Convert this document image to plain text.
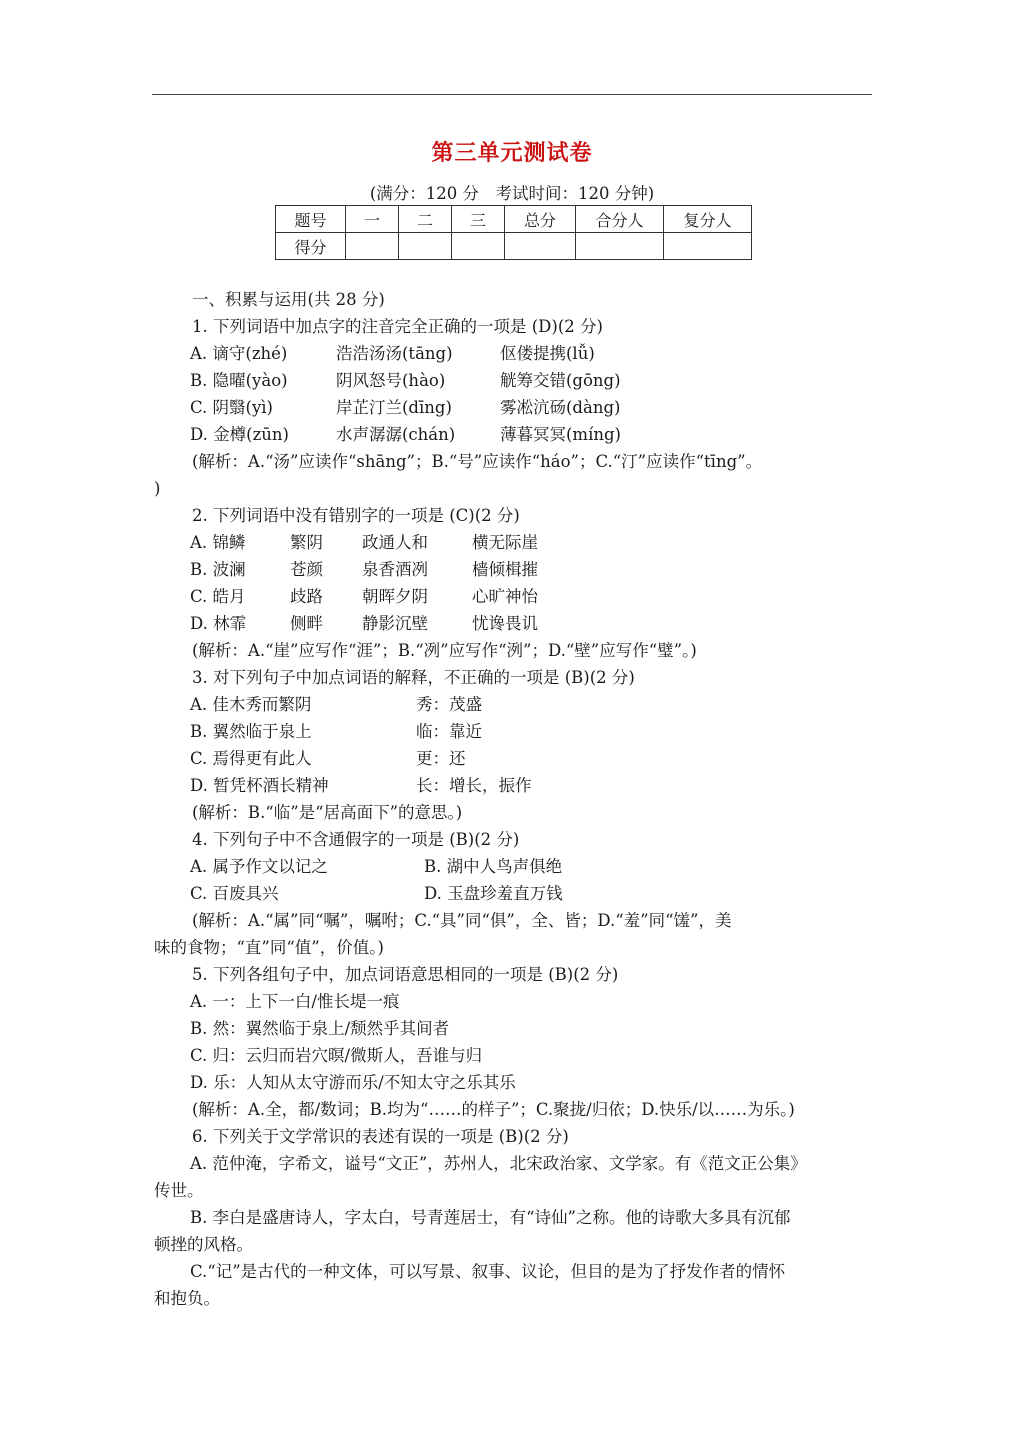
第三单元测试卷
(满分：120 分　考试时间：120 分钟)
题号	一	二	三	总分	合分人	复分人
得分						
一、积累与运用(共 28 分)
1. 下列词语中加点字的注音完全正确的一项是 (D)(2 分)
A. 谪守(zhé)	浩浩汤汤(tāng)	伛偻提携(lǚ)
B. 隐曜(yào)	阴风怒号(hào)	觥筹交错(gōng)
C. 阴翳(yì)	岸芷汀兰(dīng)	雾凇沆砀(dàng)
D. 金樽(zūn)	水声潺潺(chán)	薄暮冥冥(míng)
(解析：A.“汤”应读作“shāng”；B.“号”应读作“háo”；C.“汀”应读作“tīng”。
)
2. 下列词语中没有错别字的一项是 (C)(2 分)
A. 锦鳞	繁阴 政通人和	横无际崖
B. 波澜	苍颜 泉香酒冽	樯倾楫摧
C. 皓月	歧路 朝晖夕阴	心旷神怡
D. 林霏	侧畔 静影沉壁	忧谗畏讥
(解析：A.“崖”应写作“涯”；B.“冽”应写作“洌”；D.“壁”应写作“璧”。)
3. 对下列句子中加点词语的解释，不正确的一项是 (B)(2 分)
A. 佳木秀而繁阴	秀：茂盛
B. 翼然临于泉上	临：靠近
C. 焉得更有此人	更：还
D. 暂凭杯酒长精神	长：增长，振作
(解析：B.“临”是“居高面下”的意思。)
4. 下列句子中不含通假字的一项是 (B)(2 分)
A. 属予作文以记之	B. 湖中人鸟声俱绝
C. 百废具兴	D. 玉盘珍羞直万钱
(解析：A.“属”同“嘱”，嘱咐；C.“具”同“俱”，全、皆；D.“羞”同“馐”，美
味的食物；“直”同“值”，价值。)
5. 下列各组句子中，加点词语意思相同的一项是 (B)(2 分)
A. 一：上下一白/惟长堤一痕
B. 然：翼然临于泉上/颓然乎其间者
C. 归：云归而岩穴暝/微斯人，吾谁与归
D. 乐：人知从太守游而乐/不知太守之乐其乐
(解析：A.全，都/数词；B.均为“……的样子”；C.聚拢/归依；D.快乐/以……为乐。)
6. 下列关于文学常识的表述有误的一项是 (B)(2 分)
A. 范仲淹，字希文，谥号“文正”，苏州人，北宋政治家、文学家。有《范文正公集》
传世。
B. 李白是盛唐诗人，字太白，号青莲居士，有“诗仙”之称。他的诗歌大多具有沉郁
顿挫的风格。
C.“记”是古代的一种文体，可以写景、叙事、议论，但目的是为了抒发作者的情怀
和抱负。
